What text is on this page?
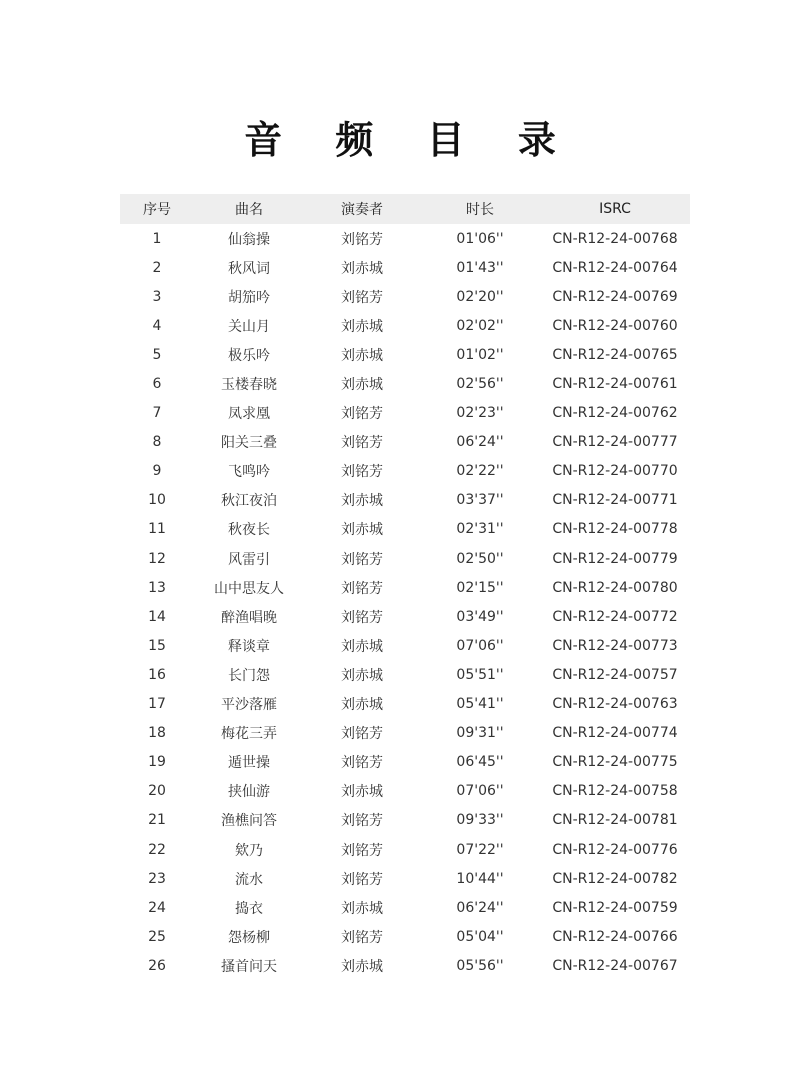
音 频 目 录
序号	曲名	演奏者	时长	ISRC
1	仙翁操	刘铭芳	01'06''	CN-R12-24-00768
2	秋风词	刘赤城	01'43''	CN-R12-24-00764
3	胡笳吟	刘铭芳	02'20''	CN-R12-24-00769
4	关山月	刘赤城	02'02''	CN-R12-24-00760
5	极乐吟	刘赤城	01'02''	CN-R12-24-00765
6	玉楼春晓	刘赤城	02'56''	CN-R12-24-00761
7	凤求凰	刘铭芳	02'23''	CN-R12-24-00762
8	阳关三叠	刘铭芳	06'24''	CN-R12-24-00777
9	飞鸣吟	刘铭芳	02'22''	CN-R12-24-00770
10	秋江夜泊	刘赤城	03'37''	CN-R12-24-00771
11	秋夜长	刘赤城	02'31''	CN-R12-24-00778
12	风雷引	刘铭芳	02'50''	CN-R12-24-00779
13	山中思友人	刘铭芳	02'15''	CN-R12-24-00780
14	醉渔唱晚	刘铭芳	03'49''	CN-R12-24-00772
15	释谈章	刘赤城	07'06''	CN-R12-24-00773
16	长门怨	刘赤城	05'51''	CN-R12-24-00757
17	平沙落雁	刘赤城	05'41''	CN-R12-24-00763
18	梅花三弄	刘铭芳	09'31''	CN-R12-24-00774
19	遁世操	刘铭芳	06'45''	CN-R12-24-00775
20	挟仙游	刘赤城	07'06''	CN-R12-24-00758
21	渔樵问答	刘铭芳	09'33''	CN-R12-24-00781
22	欸乃	刘铭芳	07'22''	CN-R12-24-00776
23	流水	刘铭芳	10'44''	CN-R12-24-00782
24	捣衣	刘赤城	06'24''	CN-R12-24-00759
25	怨杨柳	刘铭芳	05'04''	CN-R12-24-00766
26	搔首问天	刘赤城	05'56''	CN-R12-24-00767
